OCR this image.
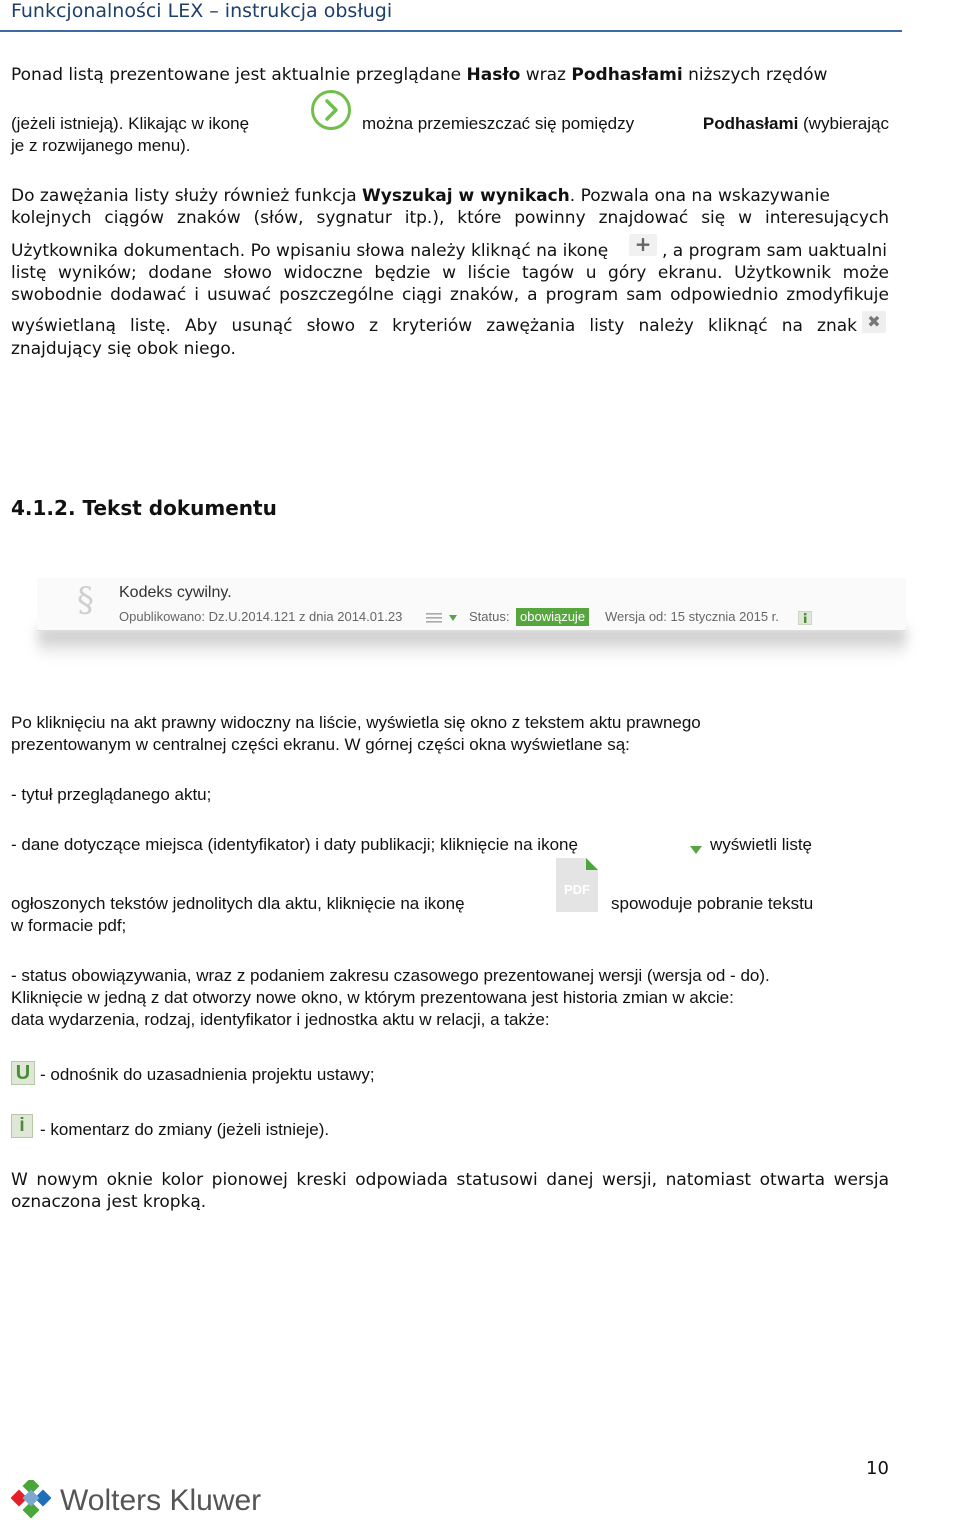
Funkcjonalności LEX – instrukcja obsługi
Ponad listą prezentowane jest aktualnie przeglądane Hasło wraz Podhasłami niższych rzędów
(jeżeli istnieją). Klikając w ikonę	można przemieszczać się pomiędzy	Podhasłami (wybierając
je z rozwijanego menu).
Do zawężania listy służy również funkcja Wyszukaj w wynikach. Pozwala ona na wskazywanie
kolejnych ciągów znaków (słów, sygnatur itp.), które powinny znajdować się w interesujących
Użytkownika dokumentach. Po wpisaniu słowa należy kliknąć na ikonę + , a program sam uaktualni
listę wyników; dodane słowo widoczne będzie w liście tagów u góry ekranu. Użytkownik może
swobodnie dodawać i usuwać poszczególne ciągi znaków, a program sam odpowiednio zmodyfikuje
wyświetlaną listę. Aby usunąć słowo z kryteriów zawężania listy należy kliknąć na znak ✖
znajdujący się obok niego.
4.1.2. Tekst dokumentu
§ Kodeks cywilny.
Opublikowano: Dz.U.2014.121 z dnia 2014.01.23	Status: obowiązuje	Wersja od: 15 stycznia 2015 r.
Po kliknięciu na akt prawny widoczny na liście, wyświetla się okno z tekstem aktu prawnego
prezentowanym w centralnej części ekranu. W górnej części okna wyświetlane są:
- tytuł przeglądanego aktu;
- dane dotyczące miejsca (identyfikator) i daty publikacji; kliknięcie na ikonę	wyświetli listę
ogłoszonych tekstów jednolitych dla aktu, kliknięcie na ikonę
PDF
spowoduje pobranie tekstu
w formacie pdf;
- status obowiązywania, wraz z podaniem zakresu czasowego prezentowanej wersji (wersja od - do).
Kliknięcie w jedną z dat otworzy nowe okno, w którym prezentowana jest historia zmian w akcie:
data wydarzenia, rodzaj, identyfikator i jednostka aktu w relacji, a także:
U - odnośnik do uzasadnienia projektu ustawy;
i - komentarz do zmiany (jeżeli istnieje).
W nowym oknie kolor pionowej kreski odpowiada statusowi danej wersji, natomiast otwarta wersja
oznaczona jest kropką.
10
Wolters Kluwer
